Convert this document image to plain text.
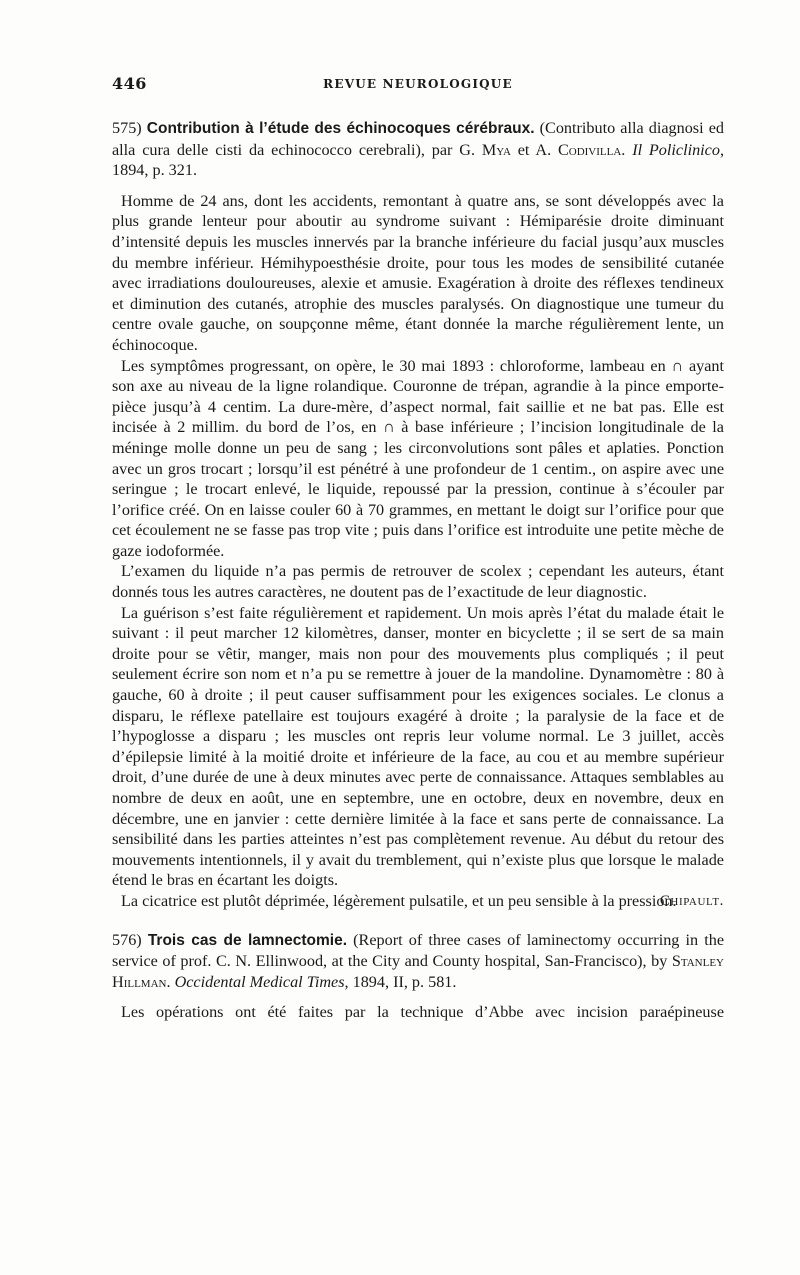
446	REVUE NEUROLOGIQUE

575) Contribution à l’étude des échinocoques cérébraux. (Contributo alla diagnosi ed alla cura delle cisti da echinococco cerebrali), par G. Mya et A. Codivilla. Il Policlinico, 1894, p. 321.

Homme de 24 ans, dont les accidents, remontant à quatre ans, se sont développés avec la plus grande lenteur pour aboutir au syndrome suivant : Hémiparésie droite diminuant d’intensité depuis les muscles innervés par la branche inférieure du facial jusqu’aux muscles du membre inférieur. Hémihypoesthésie droite, pour tous les modes de sensibilité cutanée avec irradiations douloureuses, alexie et amusie. Exagération à droite des réflexes tendineux et diminution des cutanés, atrophie des muscles paralysés. On diagnostique une tumeur du centre ovale gauche, on soupçonne même, étant donnée la marche régulièrement lente, un échinocoque.

Les symptômes progressant, on opère, le 30 mai 1893 : chloroforme, lambeau en ∩ ayant son axe au niveau de la ligne rolandique. Couronne de trépan, agrandie à la pince emporte-pièce jusqu’à 4 centim. La dure-mère, d’aspect normal, fait saillie et ne bat pas. Elle est incisée à 2 millim. du bord de l’os, en ∩ à base inférieure ; l’incision longitudinale de la méninge molle donne un peu de sang ; les circonvolutions sont pâles et aplaties. Ponction avec un gros trocart ; lorsqu’il est pénétré à une profondeur de 1 centim., on aspire avec une seringue ; le trocart enlevé, le liquide, repoussé par la pression, continue à s’écouler par l’orifice créé. On en laisse couler 60 à 70 grammes, en mettant le doigt sur l’orifice pour que cet écoulement ne se fasse pas trop vite ; puis dans l’orifice est introduite une petite mèche de gaze iodoformée.

L’examen du liquide n’a pas permis de retrouver de scolex ; cependant les auteurs, étant donnés tous les autres caractères, ne doutent pas de l’exactitude de leur diagnostic.

La guérison s’est faite régulièrement et rapidement. Un mois après l’état du malade était le suivant : il peut marcher 12 kilomètres, danser, monter en bicyclette ; il se sert de sa main droite pour se vêtir, manger, mais non pour des mouvements plus compliqués ; il peut seulement écrire son nom et n’a pu se remettre à jouer de la mandoline. Dynamomètre : 80 à gauche, 60 à droite ; il peut causer suffisamment pour les exigences sociales. Le clonus a disparu, le réflexe patellaire est toujours exagéré à droite ; la paralysie de la face et de l’hypoglosse a disparu ; les muscles ont repris leur volume normal. Le 3 juillet, accès d’épilepsie limité à la moitié droite et inférieure de la face, au cou et au membre supérieur droit, d’une durée de une à deux minutes avec perte de connaissance. Attaques semblables au nombre de deux en août, une en septembre, une en octobre, deux en novembre, deux en décembre, une en janvier : cette dernière limitée à la face et sans perte de connaissance. La sensibilité dans les parties atteintes n’est pas complètement revenue. Au début du retour des mouvements intentionnels, il y avait du tremblement, qui n’existe plus que lorsque le malade étend le bras en écartant les doigts.

La cicatrice est plutôt déprimée, légèrement pulsatile, et un peu sensible à la pression.
Chipault.

576) Trois cas de lamnectomie. (Report of three cases of laminectomy occurring in the service of prof. C. N. Ellinwood, at the City and County hospital, San-Francisco), by Stanley Hillman. Occidental Medical Times, 1894, II, p. 581.

Les opérations ont été faites par la technique d’Abbe avec incision paraépineuse
